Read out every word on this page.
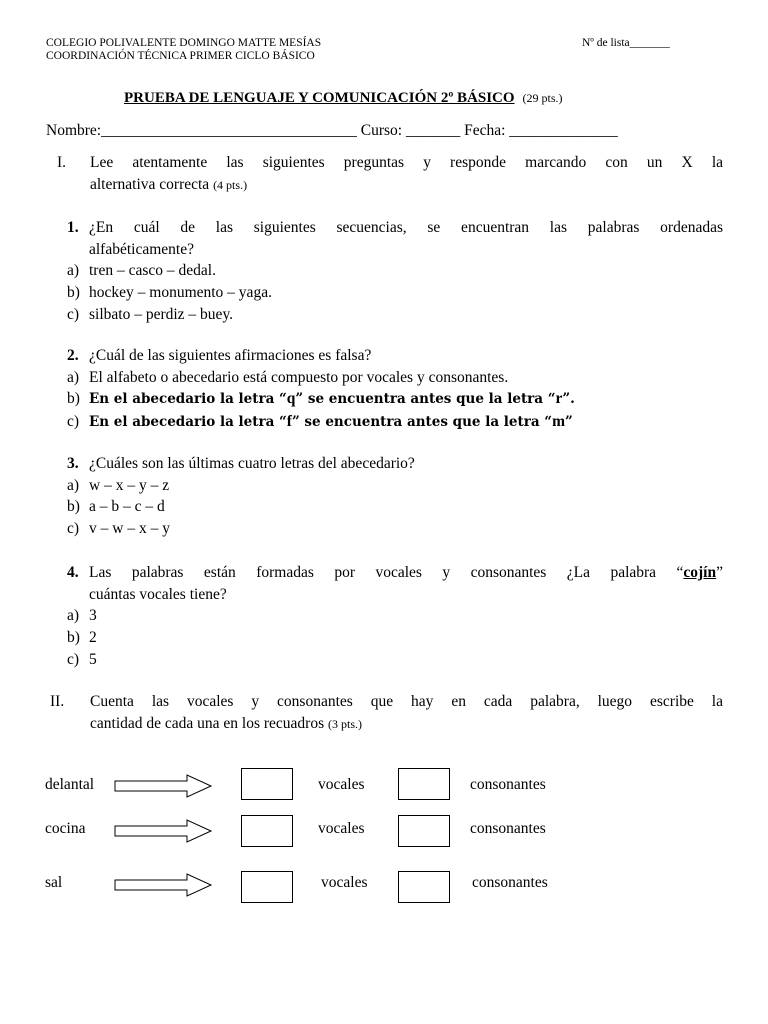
COLEGIO POLIVALENTE DOMINGO MATTE MESÍAS
COORDINACIÓN TÉCNICA PRIMER CICLO BÁSICO
Nº de lista_______
PRUEBA DE LENGUAJE Y COMUNICACIÓN 2º BÁSICO (29 pts.)
Nombre:_________________________________ Curso: _______ Fecha: ______________
I. Lee atentamente las siguientes preguntas y responde marcando con un X la
alternativa correcta (4 pts.)
1. ¿En cuál de las siguientes secuencias, se encuentran las palabras ordenadas
alfabéticamente?
a) tren – casco – dedal.
b) hockey – monumento – yaga.
c) silbato – perdiz – buey.
2. ¿Cuál de las siguientes afirmaciones es falsa?
a) El alfabeto o abecedario está compuesto por vocales y consonantes.
b) En el abecedario la letra “q” se encuentra antes que la letra “r”.
c) En el abecedario la letra “f” se encuentra antes que la letra “m”
3. ¿Cuáles son las últimas cuatro letras del abecedario?
a) w – x – y – z
b) a – b – c – d
c) v – w – x – y
4. Las palabras están formadas por vocales y consonantes ¿La palabra “cojín”
cuántas vocales tiene?
a) 3
b) 2
c) 5
II. Cuenta las vocales y consonantes que hay en cada palabra, luego escribe la
cantidad de cada una en los recuadros (3 pts.)
delantal	vocales	consonantes
cocina	vocales	consonantes
sal	vocales	consonantes
